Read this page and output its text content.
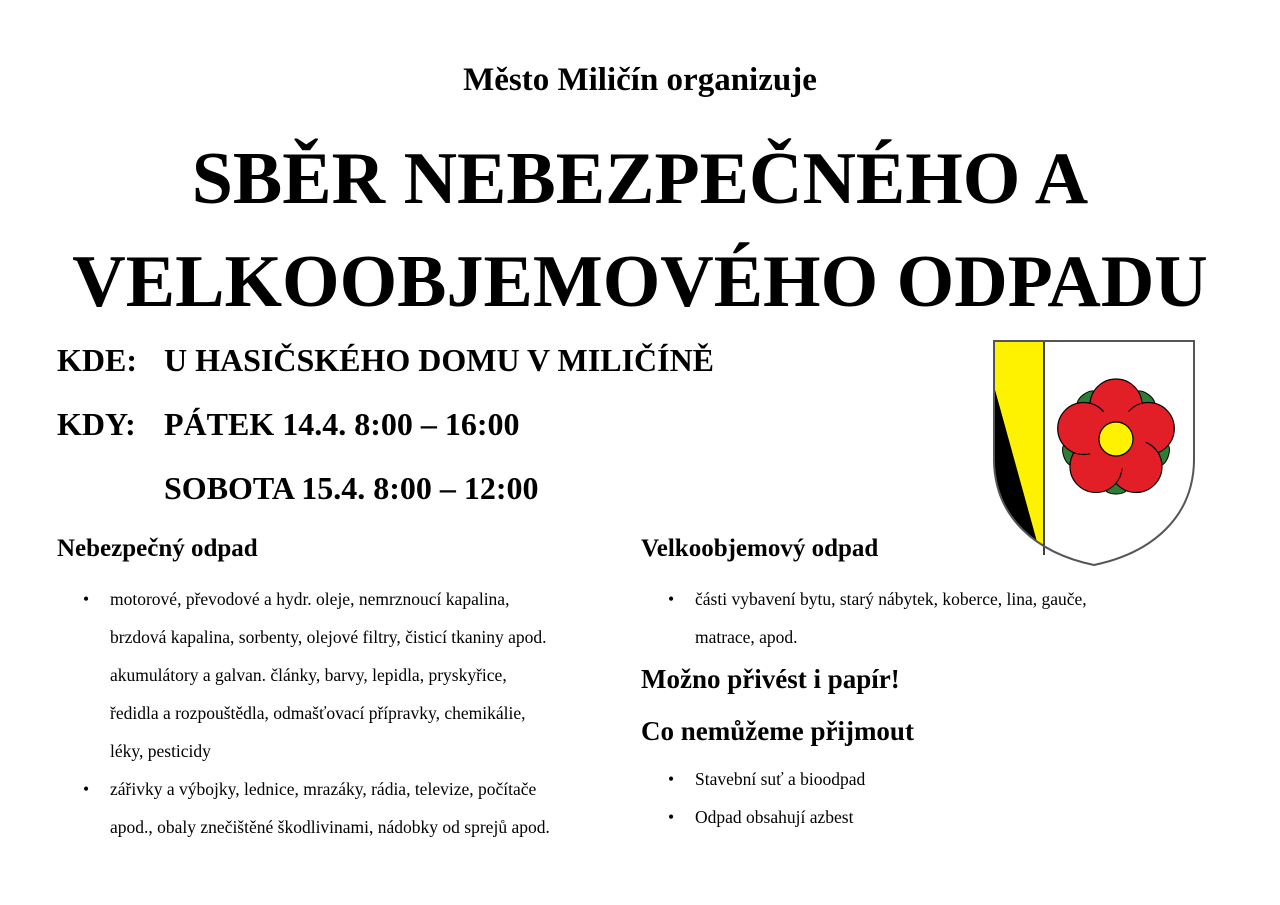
Město Miličín organizuje
SBĚR NEBEZPEČNÉHO A
VELKOOBJEMOVÉHO ODPADU
KDE: U HASIČSKÉHO DOMU V MILIČÍNĚ
KDY: PÁTEK 14.4. 8:00 – 16:00
SOBOTA 15.4. 8:00 – 12:00
Nebezpečný odpad
• motorové, převodové a hydr. oleje, nemrznoucí kapalina,
brzdová kapalina, sorbenty, olejové filtry, čisticí tkaniny apod.
akumulátory a galvan. články, barvy, lepidla, pryskyřice,
ředidla a rozpouštědla, odmašťovací přípravky, chemikálie,
léky, pesticidy
• zářivky a výbojky, lednice, mrazáky, rádia, televize, počítače
apod., obaly znečištěné škodlivinami, nádobky od sprejů apod.
Velkoobjemový odpad
• části vybavení bytu, starý nábytek, koberce, lina, gauče,
matrace, apod.
Možno přivést i papír!
Co nemůžeme přijmout
• Stavební suť a bioodpad
• Odpad obsahují azbest
